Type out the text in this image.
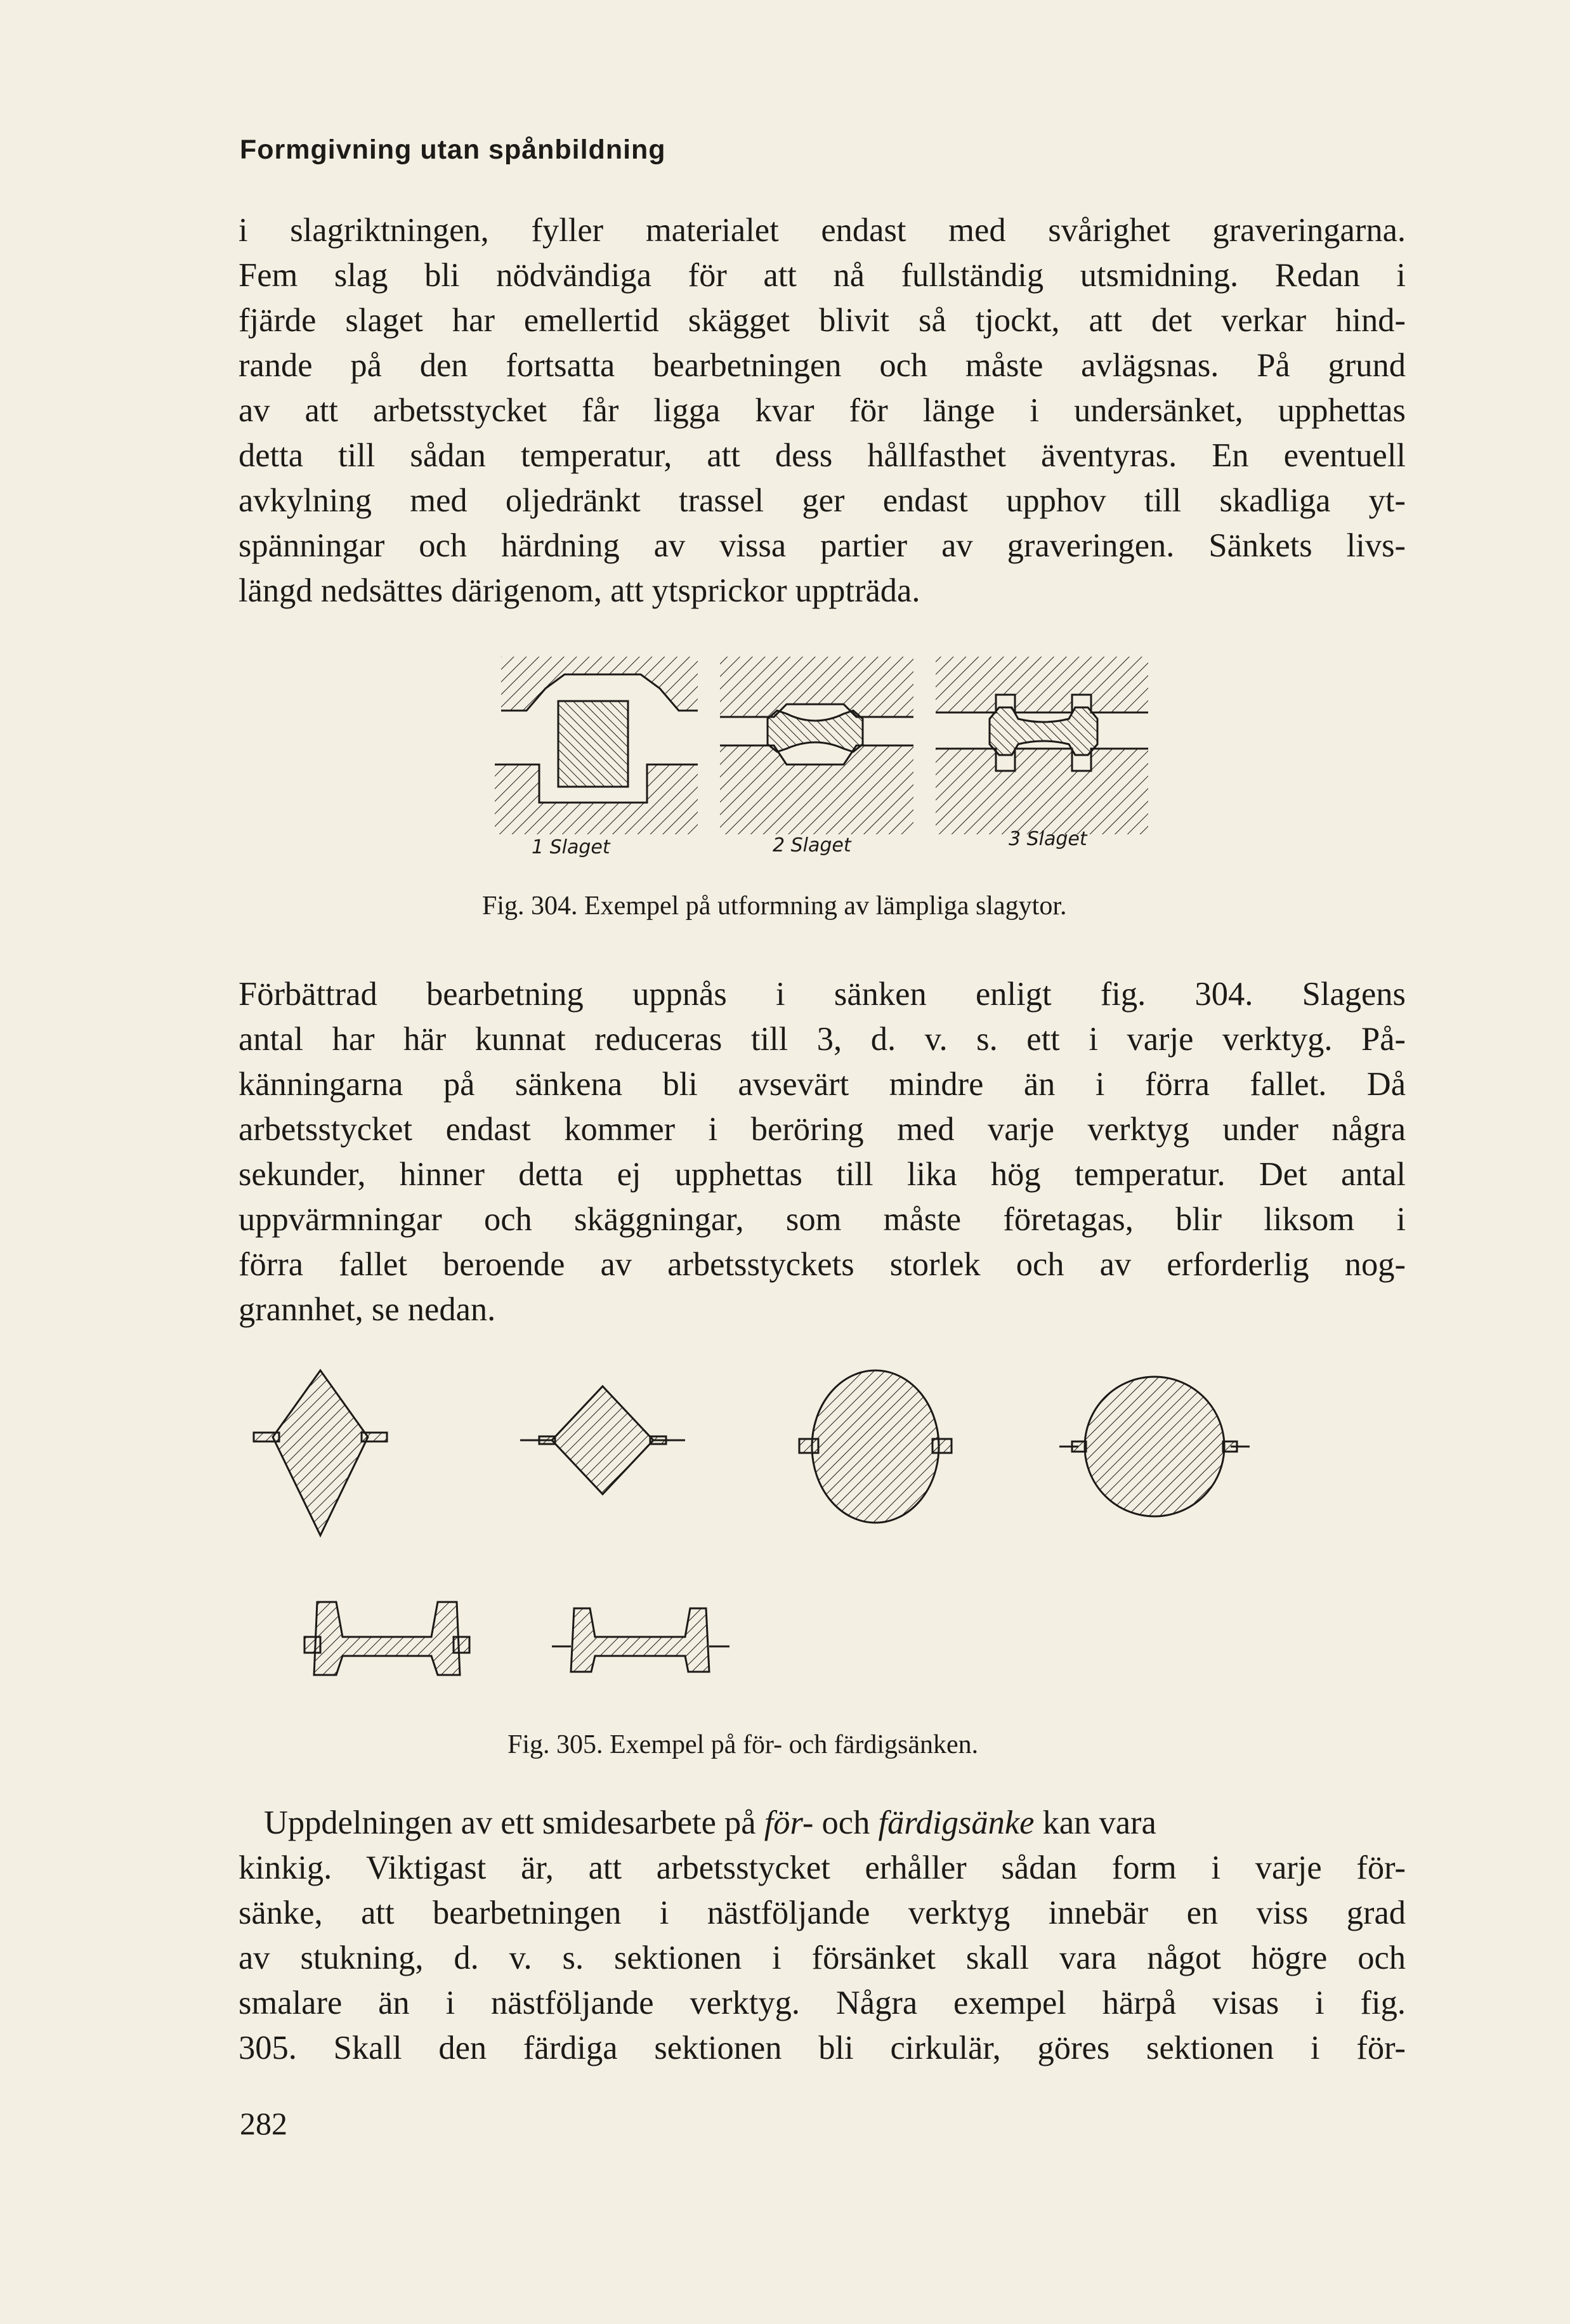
Formgivning utan spånbildning
i slagriktningen, fyller materialet endast med svårighet graveringarna.
Fem slag bli nödvändiga för att nå fullständig utsmidning. Redan i
fjärde slaget har emellertid skägget blivit så tjockt, att det verkar hind-
rande på den fortsatta bearbetningen och måste avlägsnas. På grund
av att arbetsstycket får ligga kvar för länge i undersänket, upphettas
detta till sådan temperatur, att dess hållfasthet äventyras. En eventuell
avkylning med oljedränkt trassel ger endast upphov till skadliga yt-
spänningar och härdning av vissa partier av graveringen. Sänkets livs-
längd nedsättes därigenom, att ytsprickor uppträda.
1 Slaget	2 Slaget	3 Slaget
Fig. 304. Exempel på utformning av lämpliga slagytor.
Förbättrad bearbetning uppnås i sänken enligt fig. 304. Slagens
antal har här kunnat reduceras till 3, d. v. s. ett i varje verktyg. På-
känningarna på sänkena bli avsevärt mindre än i förra fallet. Då
arbetsstycket endast kommer i beröring med varje verktyg under några
sekunder, hinner detta ej upphettas till lika hög temperatur. Det antal
uppvärmningar och skäggningar, som måste företagas, blir liksom i
förra fallet beroende av arbetsstyckets storlek och av erforderlig nog-
grannhet, se nedan.
Fig. 305. Exempel på för- och färdigsänken.
Uppdelningen av ett smidesarbete på för- och färdigsänke kan vara
kinkig. Viktigast är, att arbetsstycket erhåller sådan form i varje för-
sänke, att bearbetningen i nästföljande verktyg innebär en viss grad
av stukning, d. v. s. sektionen i försänket skall vara något högre och
smalare än i nästföljande verktyg. Några exempel härpå visas i fig.
305. Skall den färdiga sektionen bli cirkulär, göres sektionen i för-
282
